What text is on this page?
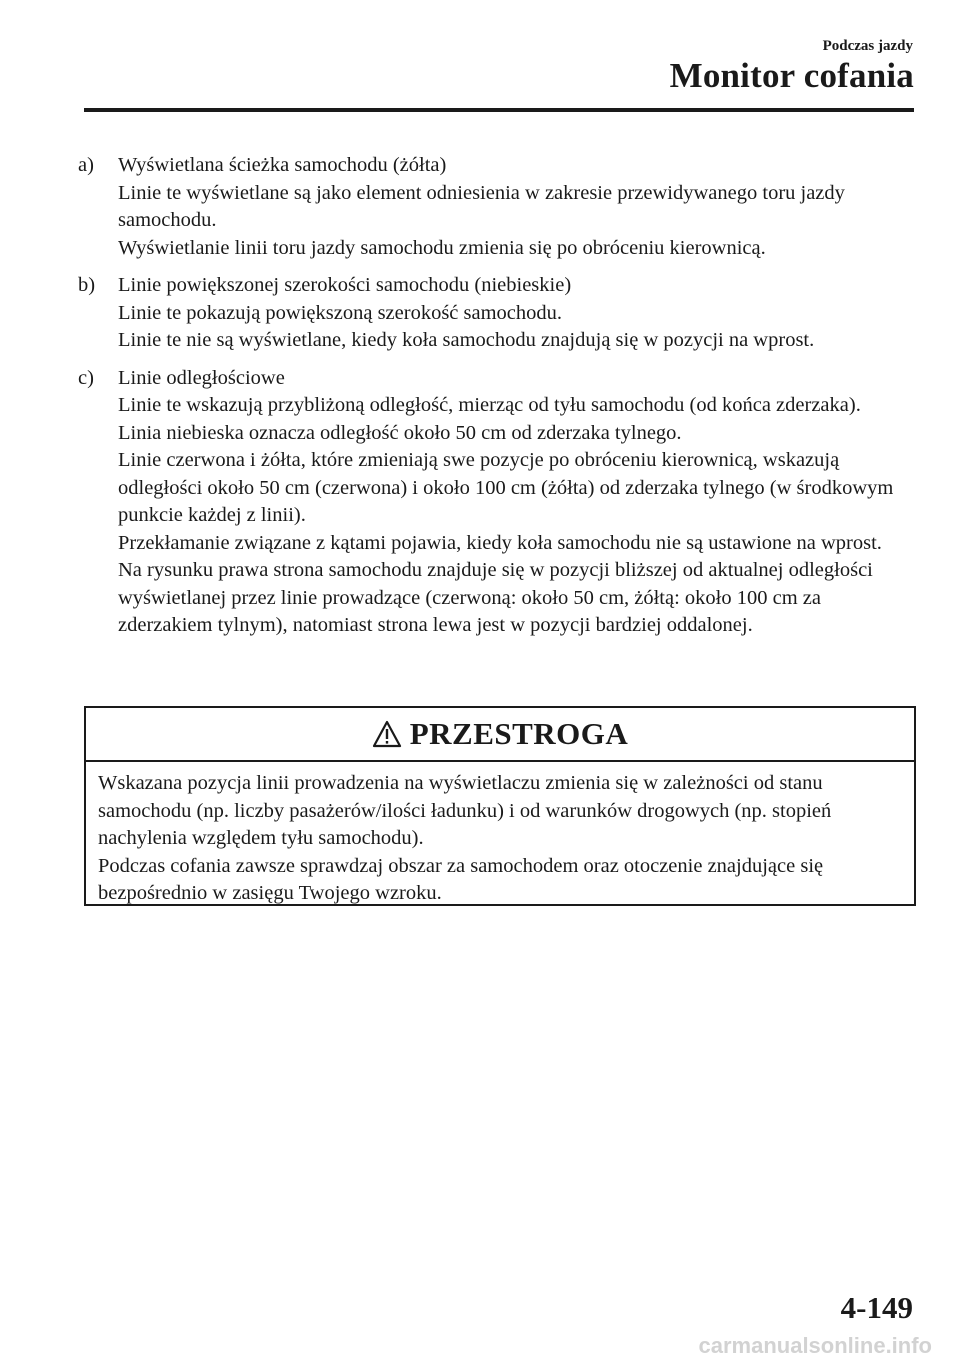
Podczas jazdy
Monitor cofania
a)	Wyświetlana ścieżka samochodu (żółta)

Linie te wyświetlane są jako element odniesienia w zakresie przewidywanego toru jazdy samochodu.

Wyświetlanie linii toru jazdy samochodu zmienia się po obróceniu kierownicą.

b)	Linie powiększonej szerokości samochodu (niebieskie)

Linie te pokazują powiększoną szerokość samochodu.

Linie te nie są wyświetlane, kiedy koła samochodu znajdują się w pozycji na wprost.

c)	Linie odległościowe

Linie te wskazują przybliżoną odległość, mierząc od tyłu samochodu (od końca zderzaka).

Linia niebieska oznacza odległość około 50 cm od zderzaka tylnego.

Linie czerwona i żółta, które zmieniają swe pozycje po obróceniu kierownicą, wskazują odległości około 50 cm (czerwona) i około 100 cm (żółta) od zderzaka tylnego (w środkowym punkcie każdej z linii).

Przekłamanie związane z kątami pojawia, kiedy koła samochodu nie są ustawione na wprost.

Na rysunku prawa strona samochodu znajduje się w pozycji bliższej od aktualnej odległości wyświetlanej przez linie prowadzące (czerwoną: około 50 cm, żółtą: około 100 cm za zderzakiem tylnym), natomiast strona lewa jest w pozycji bardziej oddalonej.

PRZESTROGA

Wskazana pozycja linii prowadzenia na wyświetlaczu zmienia się w zależności od stanu samochodu (np. liczby pasażerów/ilości ładunku) i od warunków drogowych (np. stopień nachylenia względem tyłu samochodu).

Podczas cofania zawsze sprawdzaj obszar za samochodem oraz otoczenie znajdujące się bezpośrednio w zasięgu Twojego wzroku.

4-149
carmanualsonline.info
